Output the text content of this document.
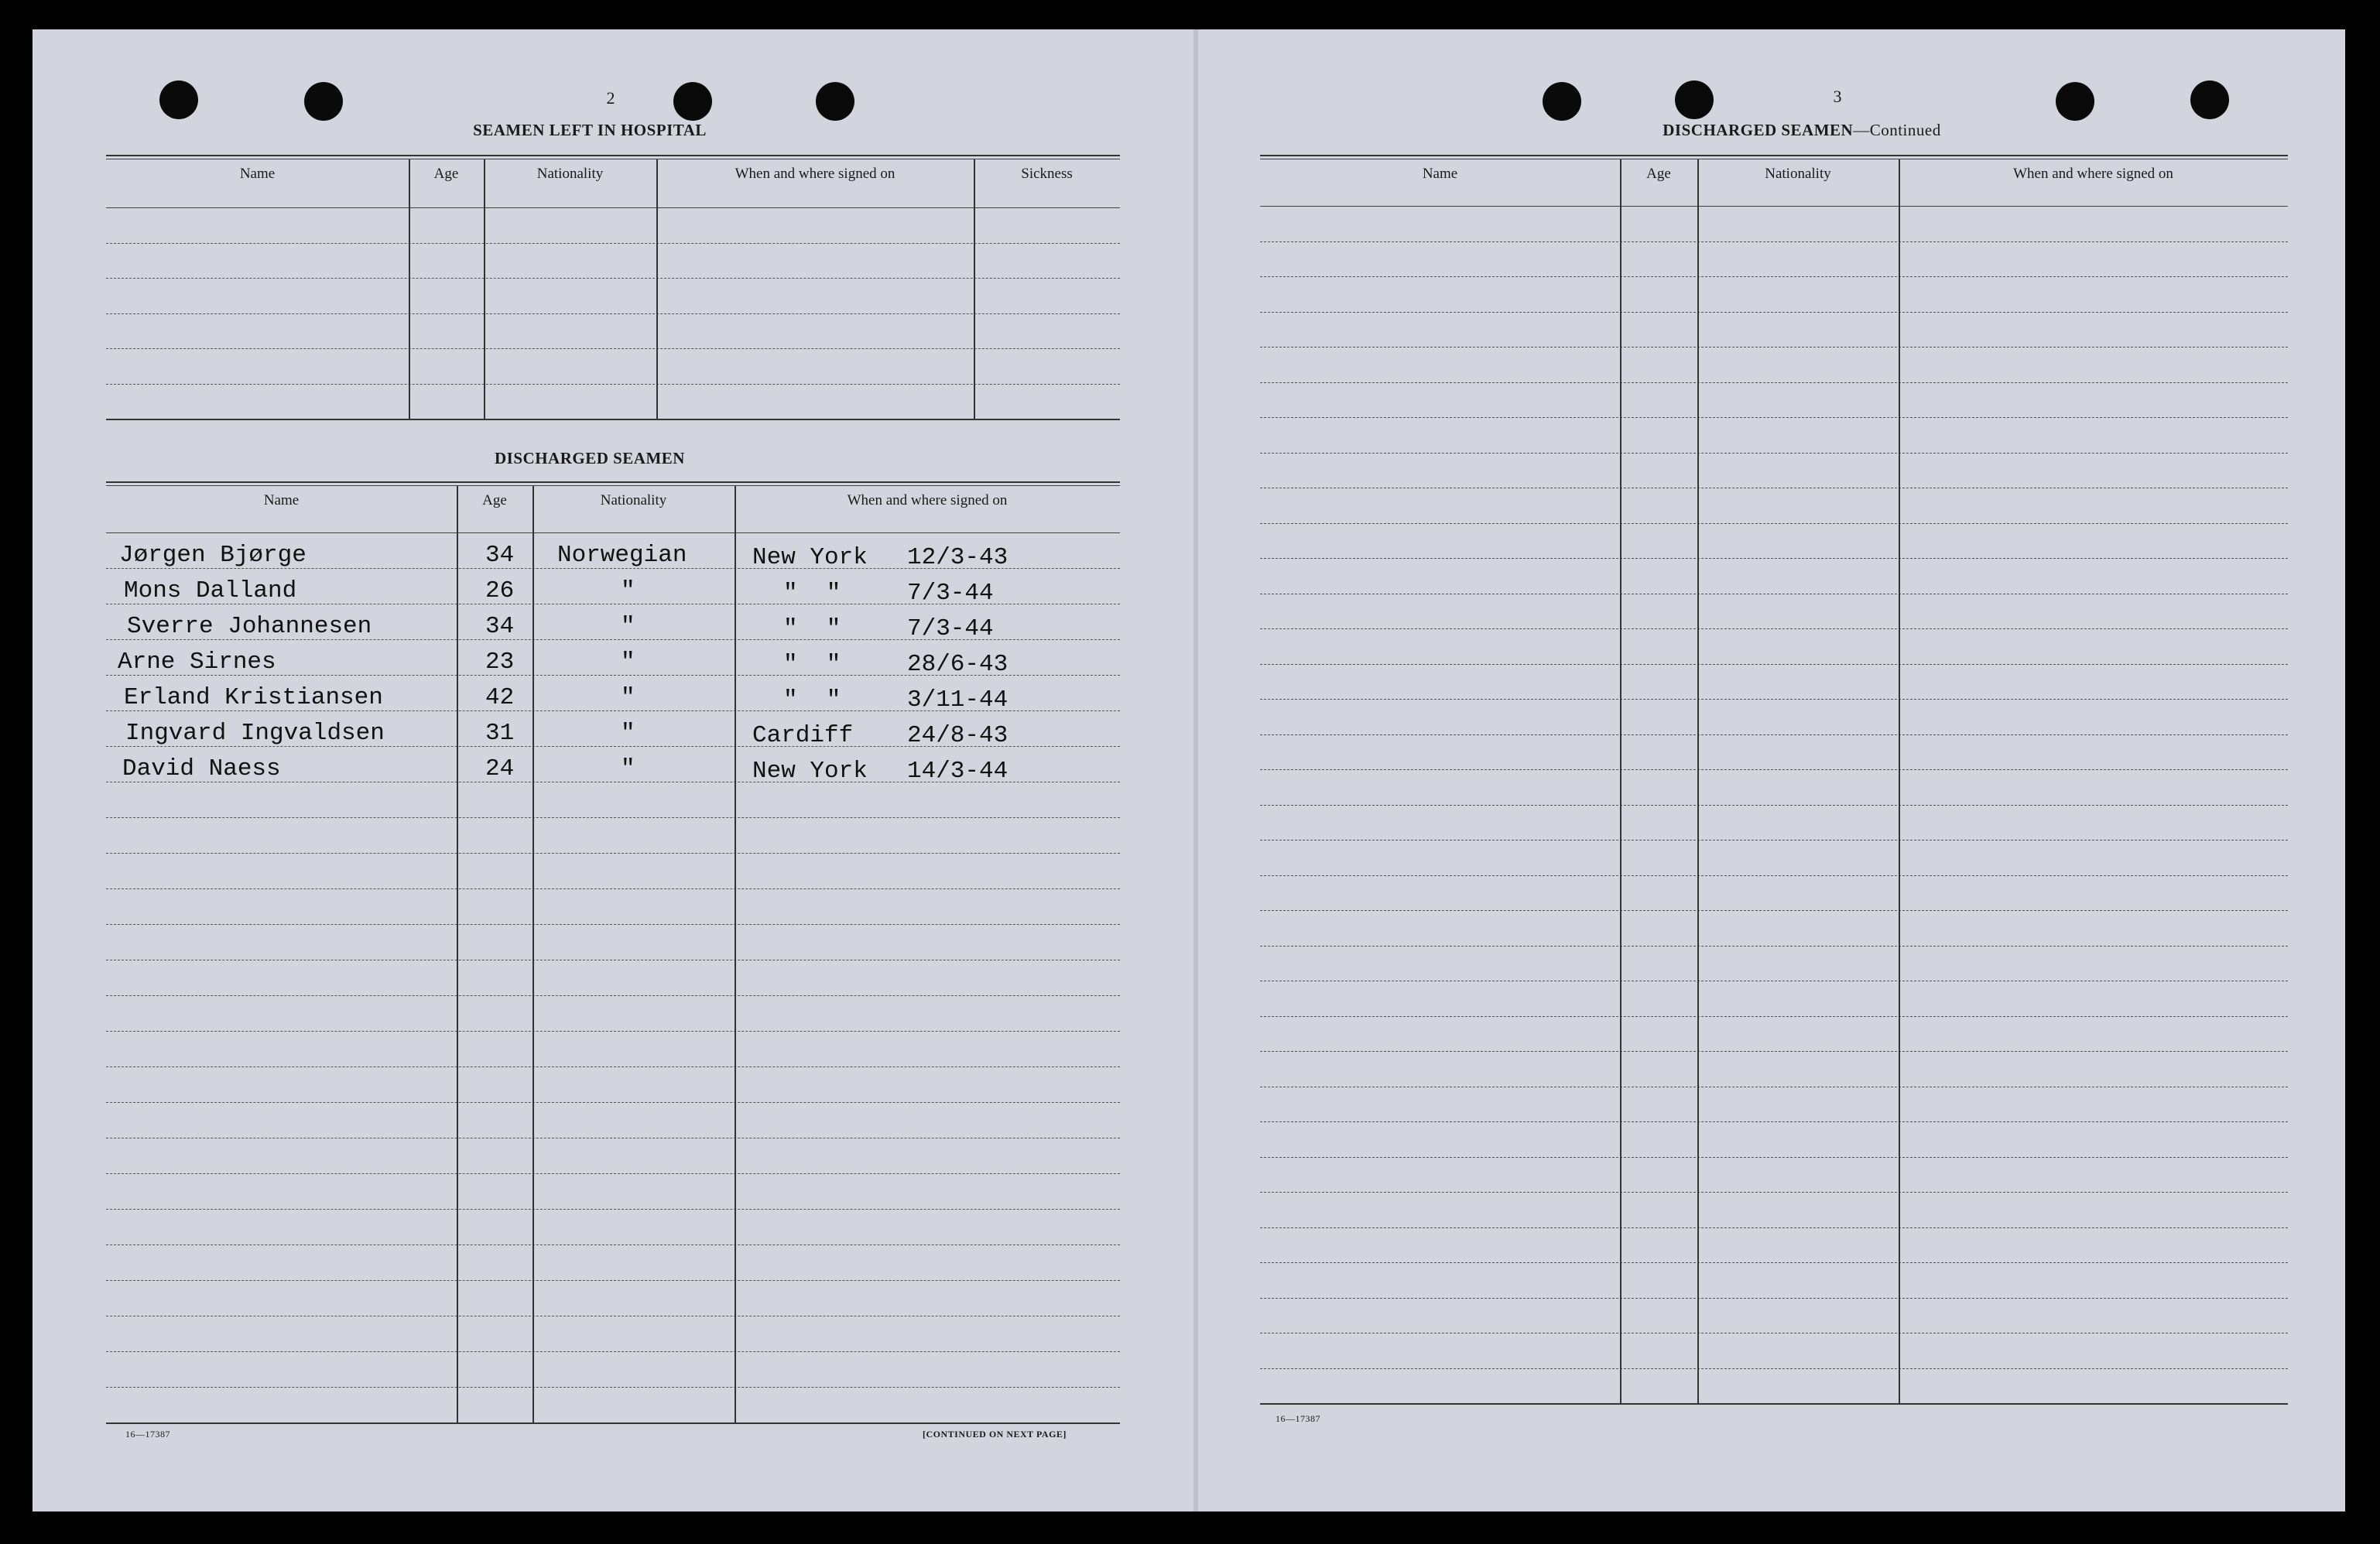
2
SEAMEN LEFT IN HOSPITAL
Name	Age	Nationality	When and where signed on	Sickness
DISCHARGED SEAMEN
Name	Age	Nationality	When and where signed on
Jørgen Bjørge	34 Norwegian	New York 12/3-43
Mons Dalland	26	"	"  "	7/3-44
Sverre Johannesen	34	"	"  "	7/3-44
Arne Sirnes	23	"	"  "	28/6-43
Erland Kristiansen	42	"	"  "	3/11-44
Ingvard Ingvaldsen	31	"	Cardiff 24/8-43
David Naess	24	"	New York 14/3-44
16—17387	[CONTINUED ON NEXT PAGE]
3
DISCHARGED SEAMEN—Continued
Name	Age	Nationality	When and where signed on
16—17387
